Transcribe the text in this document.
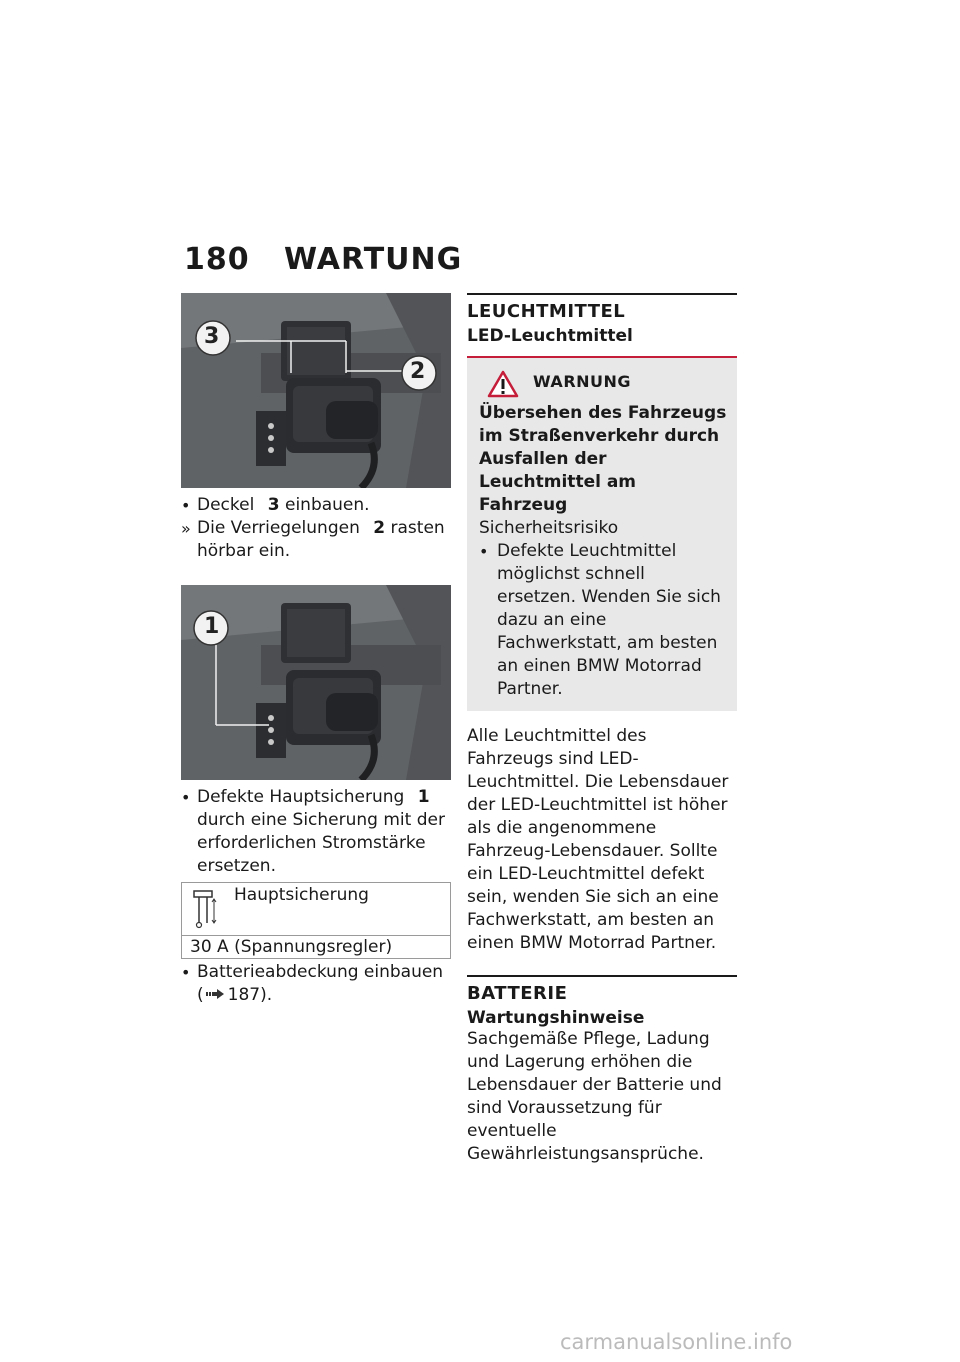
180 WARTUNG
3
2
• Deckel 3 einbauen.
» Die Verriegelungen 2 rasten hörbar ein.
1
• Defekte Hauptsicherung 1 durch eine Sicherung mit der erforderlichen Stromstärke ersetzen.
Hauptsicherung
30 A (Spannungsregler)
• Batterieabdeckung einbauen
( 187).
LEUCHTMITTEL
LED-Leuchtmittel
WARNUNG
Übersehen des Fahrzeugs im Straßenverkehr durch Ausfallen der Leuchtmittel am Fahrzeug
Sicherheitsrisiko
• Defekte Leuchtmittel möglichst schnell ersetzen. Wenden Sie sich dazu an eine Fachwerkstatt, am besten an einen BMW Motorrad Partner.
Alle Leuchtmittel des Fahrzeugs sind LED-Leuchtmittel. Die Lebensdauer der LED-Leuchtmittel ist höher als die angenommene Fahrzeug-Lebensdauer. Sollte ein LED-Leuchtmittel defekt sein, wenden Sie sich an eine Fachwerkstatt, am besten an einen BMW Motorrad Partner.
BATTERIE
Wartungshinweise
Sachgemäße Pflege, Ladung und Lagerung erhöhen die Lebensdauer der Batterie und sind Voraussetzung für eventuelle Gewährleistungsansprüche.
carmanualsonline.info
